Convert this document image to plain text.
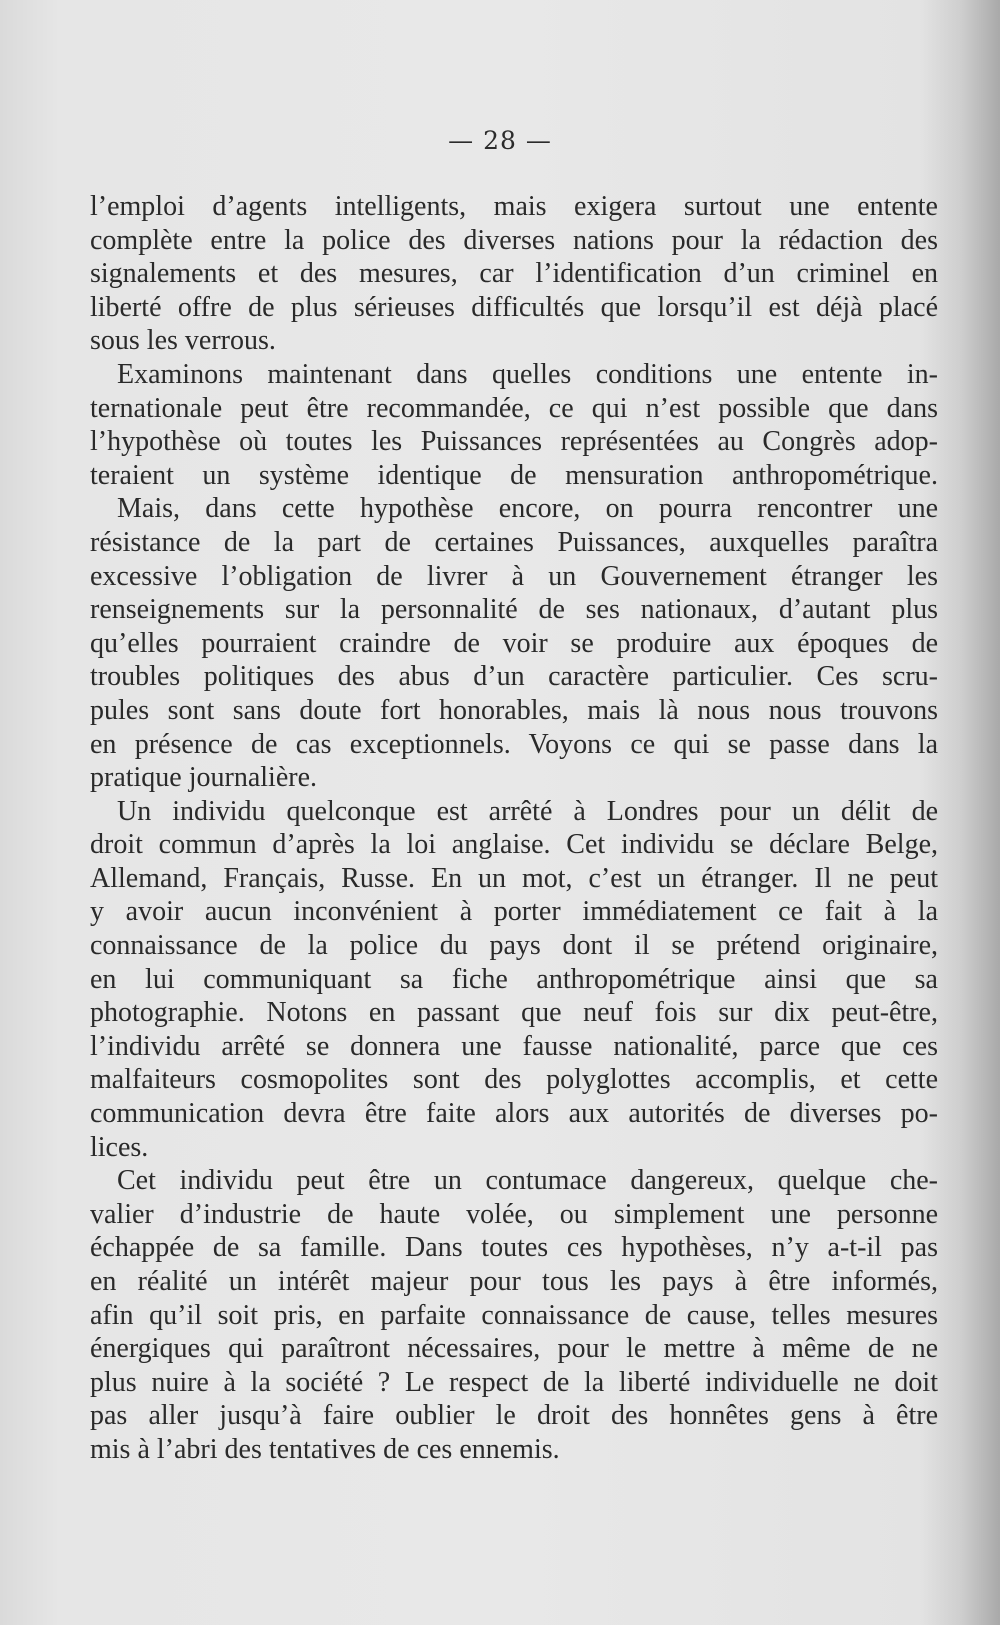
— 28 —
l’emploi d’agents intelligents, mais exigera surtout une entente
complète entre la police des diverses nations pour la rédaction des
signalements et des mesures, car l’identification d’un criminel en
liberté offre de plus sérieuses difficultés que lorsqu’il est déjà placé
sous les verrous.
Examinons maintenant dans quelles conditions une entente in-
ternationale peut être recommandée, ce qui n’est possible que dans
l’hypothèse où toutes les Puissances représentées au Congrès adop-
teraient un système identique de mensuration anthropométrique.
Mais, dans cette hypothèse encore, on pourra rencontrer une
résistance de la part de certaines Puissances, auxquelles paraîtra
excessive l’obligation de livrer à un Gouvernement étranger les
renseignements sur la personnalité de ses nationaux, d’autant plus
qu’elles pourraient craindre de voir se produire aux époques de
troubles politiques des abus d’un caractère particulier. Ces scru-
pules sont sans doute fort honorables, mais là nous nous trouvons
en présence de cas exceptionnels. Voyons ce qui se passe dans la
pratique journalière.
Un individu quelconque est arrêté à Londres pour un délit de
droit commun d’après la loi anglaise. Cet individu se déclare Belge,
Allemand, Français, Russe. En un mot, c’est un étranger. Il ne peut
y avoir aucun inconvénient à porter immédiatement ce fait à la
connaissance de la police du pays dont il se prétend originaire,
en lui communiquant sa fiche anthropométrique ainsi que sa
photographie. Notons en passant que neuf fois sur dix peut-être,
l’individu arrêté se donnera une fausse nationalité, parce que ces
malfaiteurs cosmopolites sont des polyglottes accomplis, et cette
communication devra être faite alors aux autorités de diverses po-
lices.
Cet individu peut être un contumace dangereux, quelque che-
valier d’industrie de haute volée, ou simplement une personne
échappée de sa famille. Dans toutes ces hypothèses, n’y a-t-il pas
en réalité un intérêt majeur pour tous les pays à être informés,
afin qu’il soit pris, en parfaite connaissance de cause, telles mesures
énergiques qui paraîtront nécessaires, pour le mettre à même de ne
plus nuire à la société ? Le respect de la liberté individuelle ne doit
pas aller jusqu’à faire oublier le droit des honnêtes gens à être
mis à l’abri des tentatives de ces ennemis.
